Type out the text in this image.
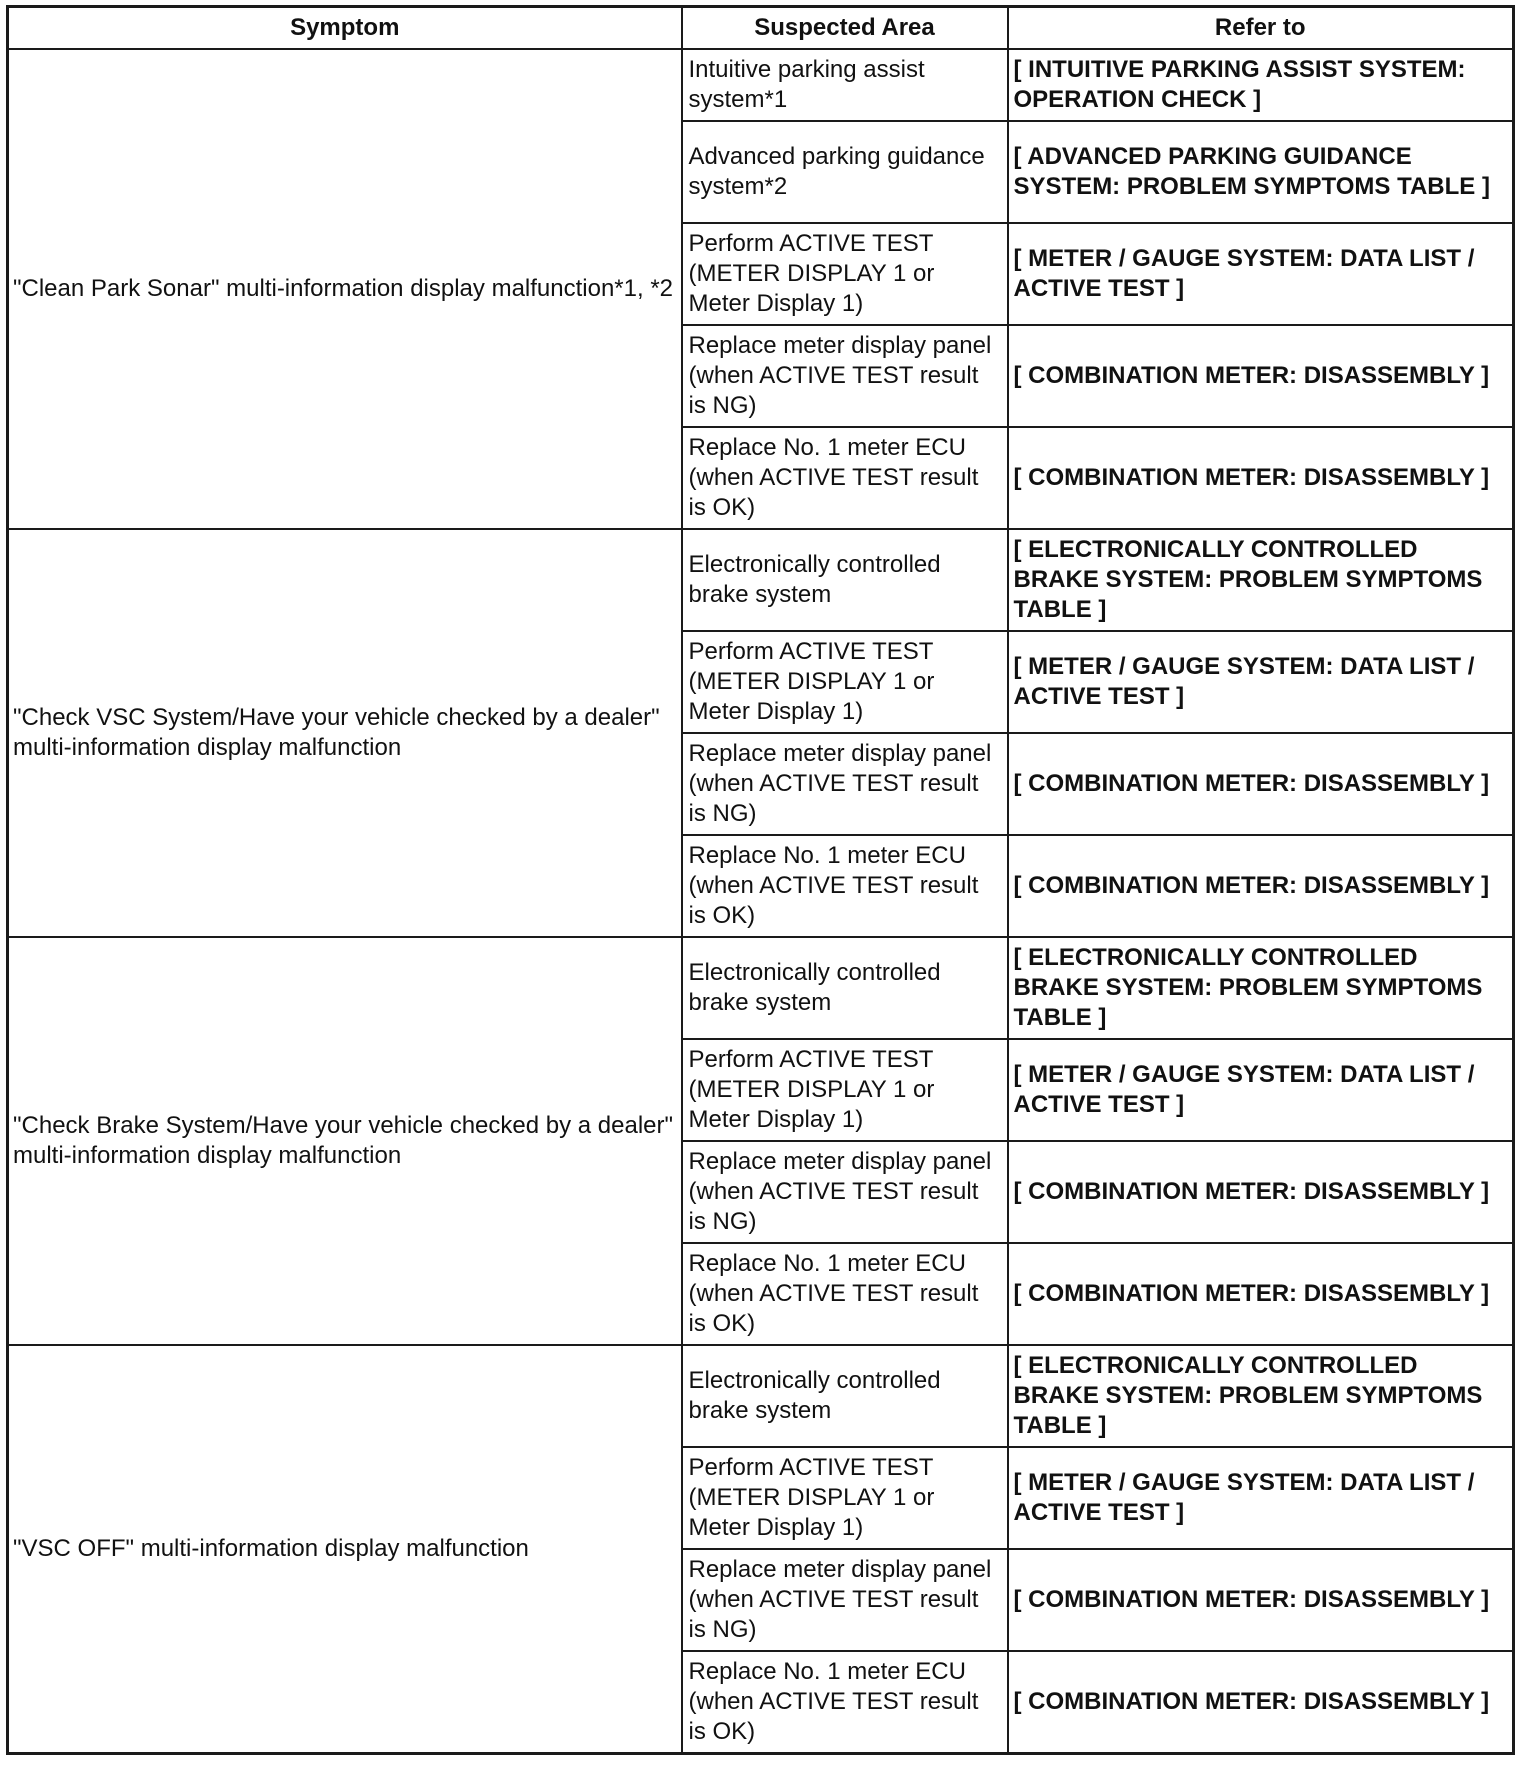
Symptom	Suspected Area	Refer to
"Clean Park Sonar" multi-information display malfunction*1, *2	Intuitive parking assist system*1	[ INTUITIVE PARKING ASSIST SYSTEM: OPERATION CHECK ]
	Advanced parking guidance system*2	[ ADVANCED PARKING GUIDANCE SYSTEM: PROBLEM SYMPTOMS TABLE ]
	Perform ACTIVE TEST (METER DISPLAY 1 or Meter Display 1)	[ METER / GAUGE SYSTEM: DATA LIST / ACTIVE TEST ]
	Replace meter display panel (when ACTIVE TEST result is NG)	[ COMBINATION METER: DISASSEMBLY ]
	Replace No. 1 meter ECU (when ACTIVE TEST result is OK)	[ COMBINATION METER: DISASSEMBLY ]
"Check VSC System/Have your vehicle checked by a dealer" multi-information display malfunction	Electronically controlled brake system	[ ELECTRONICALLY CONTROLLED BRAKE SYSTEM: PROBLEM SYMPTOMS TABLE ]
	Perform ACTIVE TEST (METER DISPLAY 1 or Meter Display 1)	[ METER / GAUGE SYSTEM: DATA LIST / ACTIVE TEST ]
	Replace meter display panel (when ACTIVE TEST result is NG)	[ COMBINATION METER: DISASSEMBLY ]
	Replace No. 1 meter ECU (when ACTIVE TEST result is OK)	[ COMBINATION METER: DISASSEMBLY ]
"Check Brake System/Have your vehicle checked by a dealer" multi-information display malfunction	Electronically controlled brake system	[ ELECTRONICALLY CONTROLLED BRAKE SYSTEM: PROBLEM SYMPTOMS TABLE ]
	Perform ACTIVE TEST (METER DISPLAY 1 or Meter Display 1)	[ METER / GAUGE SYSTEM: DATA LIST / ACTIVE TEST ]
	Replace meter display panel (when ACTIVE TEST result is NG)	[ COMBINATION METER: DISASSEMBLY ]
	Replace No. 1 meter ECU (when ACTIVE TEST result is OK)	[ COMBINATION METER: DISASSEMBLY ]
"VSC OFF" multi-information display malfunction	Electronically controlled brake system	[ ELECTRONICALLY CONTROLLED BRAKE SYSTEM: PROBLEM SYMPTOMS TABLE ]
	Perform ACTIVE TEST (METER DISPLAY 1 or Meter Display 1)	[ METER / GAUGE SYSTEM: DATA LIST / ACTIVE TEST ]
	Replace meter display panel (when ACTIVE TEST result is NG)	[ COMBINATION METER: DISASSEMBLY ]
	Replace No. 1 meter ECU (when ACTIVE TEST result is OK)	[ COMBINATION METER: DISASSEMBLY ]
